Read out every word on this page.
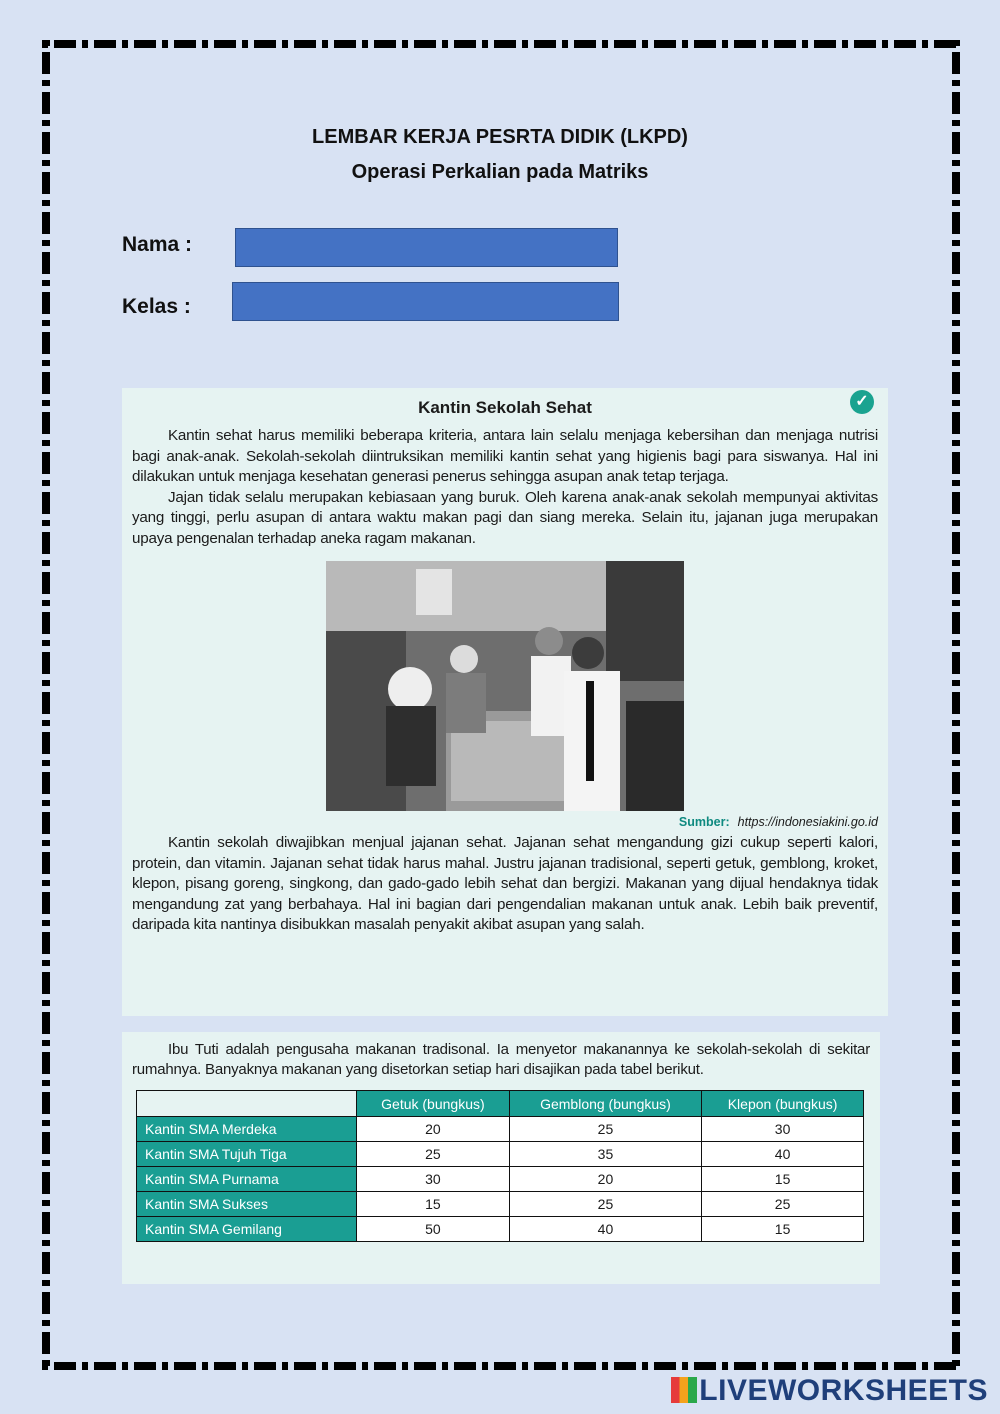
LEMBAR KERJA PESRTA DIDIK (LKPD)
Operasi Perkalian pada Matriks
Nama :
Kelas :
✓
Kantin Sekolah Sehat

Kantin sehat harus memiliki beberapa kriteria, antara lain selalu menjaga kebersihan dan menjaga nutrisi bagi anak-anak. Sekolah-sekolah diintruksikan memiliki kantin sehat yang higienis bagi para siswanya. Hal ini dilakukan untuk menjaga kesehatan generasi penerus sehingga asupan anak tetap terjaga.

Jajan tidak selalu merupakan kebiasaan yang buruk. Oleh karena anak-anak sekolah mempunyai aktivitas yang tinggi, perlu asupan di antara waktu makan pagi dan siang mereka. Selain itu, jajanan juga merupakan upaya pengenalan terhadap aneka ragam makanan.

Sumber: https://indonesiakini.go.id

Kantin sekolah diwajibkan menjual jajanan sehat. Jajanan sehat mengandung gizi cukup seperti kalori, protein, dan vitamin. Jajanan sehat tidak harus mahal. Justru jajanan tradisional, seperti getuk, gemblong, kroket, klepon, pisang goreng, singkong, dan gado-gado lebih sehat dan bergizi. Makanan yang dijual hendaknya tidak mengandung zat yang berbahaya. Hal ini bagian dari pengendalian makanan untuk anak. Lebih baik preventif, daripada kita nantinya disibukkan masalah penyakit akibat asupan yang salah.

Ibu Tuti adalah pengusaha makanan tradisonal. Ia menyetor makanannya ke sekolah-sekolah di sekitar rumahnya. Banyaknya makanan yang disetorkan setiap hari disajikan pada tabel berikut.

	Getuk (bungkus)	Gemblong (bungkus)	Klepon (bungkus)
Kantin SMA Merdeka	20	25	30
Kantin SMA Tujuh Tiga	25	35	40
Kantin SMA Purnama	30	20	15
Kantin SMA Sukses	15	25	25
Kantin SMA Gemilang	50	40	15
LIVEWORKSHEETS
